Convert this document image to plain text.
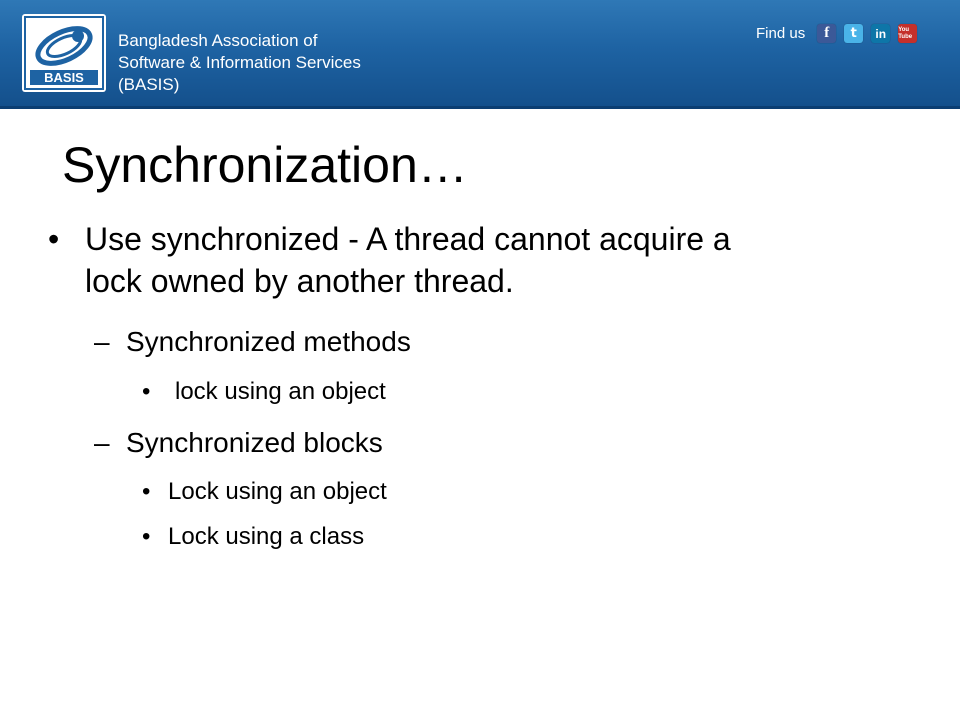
BASIS
Bangladesh Association of
Software & Information Services
(BASIS)
Find us	f	t	in	You Tube
Synchronization…
• Use synchronized - A thread cannot acquire a
lock owned by another thread.
– Synchronized methods
• lock using an object
– Synchronized blocks
• Lock using an object
• Lock using a class
